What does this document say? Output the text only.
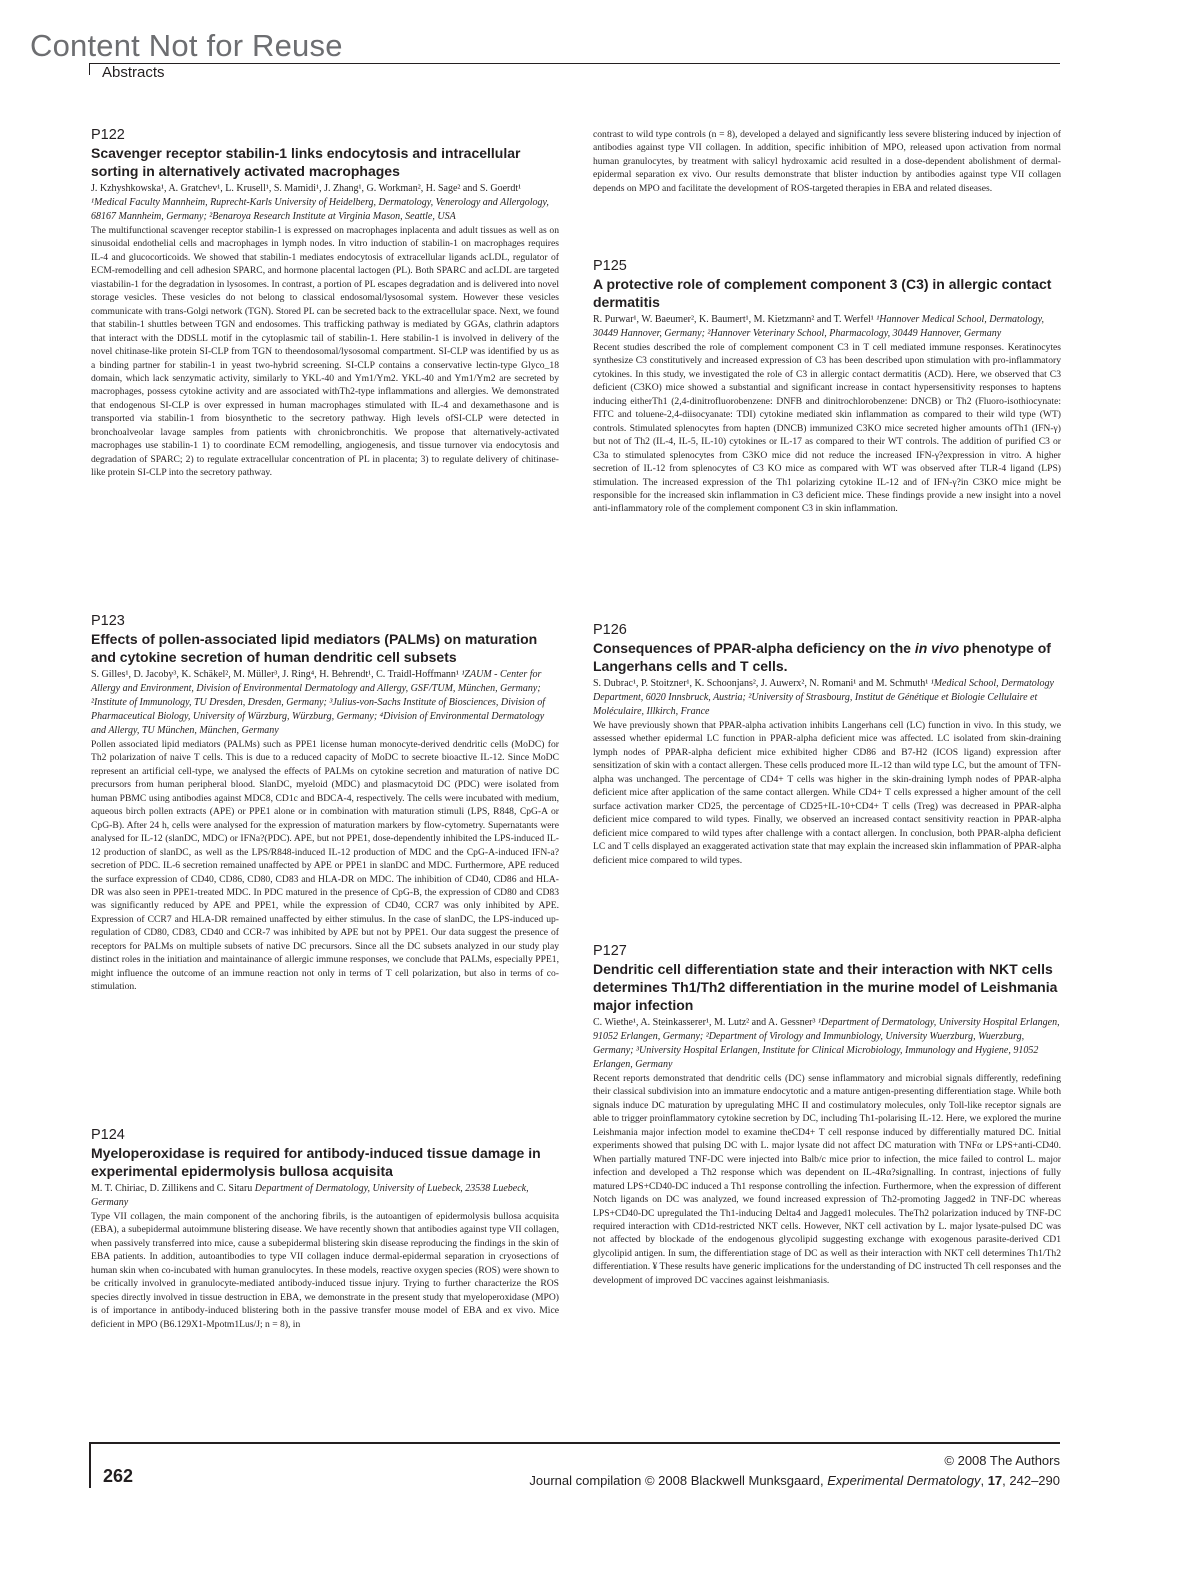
Content Not for Reuse
Abstracts
P122
Scavenger receptor stabilin-1 links endocytosis and intracellular sorting in alternatively activated macrophages

J. Kzhyshkowska¹, A. Gratchev¹, L. Krusell¹, S. Mamidi¹, J. Zhang¹, G. Workman², H. Sage² and S. Goerdt¹ ¹Medical Faculty Mannheim, Ruprecht-Karls University of Heidelberg, Dermatology, Venerology and Allergology, 68167 Mannheim, Germany; ²Benaroya Research Institute at Virginia Mason, Seattle, USA

The multifunctional scavenger receptor stabilin-1 is expressed on macrophages inplacenta and adult tissues as well as on sinusoidal endothelial cells and macrophages in lymph nodes. In vitro induction of stabilin-1 on macrophages requires IL-4 and glucocorticoids. We showed that stabilin-1 mediates endocytosis of extracellular ligands acLDL, regulator of ECM-remodelling and cell adhesion SPARC, and hormone placental lactogen (PL). Both SPARC and acLDL are targeted viastabilin-1 for the degradation in lysosomes. In contrast, a portion of PL escapes degradation and is delivered into novel storage vesicles. These vesicles do not belong to classical endosomal/lysosomal system. However these vesicles communicate with trans-Golgi network (TGN). Stored PL can be secreted back to the extracellular space. Next, we found that stabilin-1 shuttles between TGN and endosomes. This trafficking pathway is mediated by GGAs, clathrin adaptors that interact with the DDSLL motif in the cytoplasmic tail of stabilin-1. Here stabilin-1 is involved in delivery of the novel chitinase-like protein SI-CLP from TGN to theendosomal/lysosomal compartment. SI-CLP was identified by us as a binding partner for stabilin-1 in yeast two-hybrid screening. SI-CLP contains a conservative lectin-type Glyco_18 domain, which lack senzymatic activity, similarly to YKL-40 and Ym1/Ym2. YKL-40 and Ym1/Ym2 are secreted by macrophages, possess cytokine activity and are associated withTh2-type inflammations and allergies. We demonstrated that endogenous SI-CLP is over expressed in human macrophages stimulated with IL-4 and dexamethasone and is transported via stabilin-1 from biosynthetic to the secretory pathway. High levels ofSI-CLP were detected in bronchoalveolar lavage samples from patients with chronicbronchitis. We propose that alternatively-activated macrophages use stabilin-1 1) to coordinate ECM remodelling, angiogenesis, and tissue turnover via endocytosis and degradation of SPARC; 2) to regulate extracellular concentration of PL in placenta; 3) to regulate delivery of chitinase-like protein SI-CLP into the secretory pathway.

P123
Effects of pollen-associated lipid mediators (PALMs) on maturation and cytokine secretion of human dendritic cell subsets

S. Gilles¹, D. Jacoby³, K. Schäkel², M. Müller³, J. Ring⁴, H. Behrendt¹, C. Traidl-Hoffmann¹ ¹ZAUM - Center for Allergy and Environment, Division of Environmental Dermatology and Allergy, GSF/TUM, München, Germany; ²Institute of Immunology, TU Dresden, Dresden, Germany; ³Julius-von-Sachs Institute of Biosciences, Division of Pharmaceutical Biology, University of Würzburg, Würzburg, Germany; ⁴Division of Environmental Dermatology and Allergy, TU München, München, Germany

Pollen associated lipid mediators (PALMs) such as PPE1 license human monocyte-derived dendritic cells (MoDC) for Th2 polarization of naive T cells. This is due to a reduced capacity of MoDC to secrete bioactive IL-12. Since MoDC represent an artificial cell-type, we analysed the effects of PALMs on cytokine secretion and maturation of native DC precursors from human peripheral blood. SlanDC, myeloid (MDC) and plasmacytoid DC (PDC) were isolated from human PBMC using antibodies against MDC8, CD1c and BDCA-4, respectively. The cells were incubated with medium, aqueous birch pollen extracts (APE) or PPE1 alone or in combination with maturation stimuli (LPS, R848, CpG-A or CpG-B). After 24 h, cells were analysed for the expression of maturation markers by flow-cytometry. Supernatants were analysed for IL-12 (slanDC, MDC) or IFNa?(PDC). APE, but not PPE1, dose-dependently inhibited the LPS-induced IL-12 production of slanDC, as well as the LPS/R848-induced IL-12 production of MDC and the CpG-A-induced IFN-a?secretion of PDC. IL-6 secretion remained unaffected by APE or PPE1 in slanDC and MDC. Furthermore, APE reduced the surface expression of CD40, CD86, CD80, CD83 and HLA-DR on MDC. The inhibition of CD40, CD86 and HLA-DR was also seen in PPE1-treated MDC. In PDC matured in the presence of CpG-B, the expression of CD80 and CD83 was significantly reduced by APE and PPE1, while the expression of CD40, CCR7 was only inhibited by APE. Expression of CCR7 and HLA-DR remained unaffected by either stimulus. In the case of slanDC, the LPS-induced up-regulation of CD80, CD83, CD40 and CCR-7 was inhibited by APE but not by PPE1. Our data suggest the presence of receptors for PALMs on multiple subsets of native DC precursors. Since all the DC subsets analyzed in our study play distinct roles in the initiation and maintainance of allergic immune responses, we conclude that PALMs, especially PPE1, might influence the outcome of an immune reaction not only in terms of T cell polarization, but also in terms of co-stimulation.

P124
Myeloperoxidase is required for antibody-induced tissue damage in experimental epidermolysis bullosa acquisita

M. T. Chiriac, D. Zillikens and C. Sitaru Department of Dermatology, University of Luebeck, 23538 Luebeck, Germany

Type VII collagen, the main component of the anchoring fibrils, is the autoantigen of epidermolysis bullosa acquisita (EBA), a subepidermal autoimmune blistering disease. We have recently shown that antibodies against type VII collagen, when passively transferred into mice, cause a subepidermal blistering skin disease reproducing the findings in the skin of EBA patients. In addition, autoantibodies to type VII collagen induce dermal-epidermal separation in cryosections of human skin when co-incubated with human granulocytes. In these models, reactive oxygen species (ROS) were shown to be critically involved in granulocyte-mediated antibody-induced tissue injury. Trying to further characterize the ROS species directly involved in tissue destruction in EBA, we demonstrate in the present study that myeloperoxidase (MPO) is of importance in antibody-induced blistering both in the passive transfer mouse model of EBA and ex vivo. Mice deficient in MPO (B6.129X1-Mpotm1Lus/J; n = 8), in

contrast to wild type controls (n = 8), developed a delayed and significantly less severe blistering induced by injection of antibodies against type VII collagen. In addition, specific inhibition of MPO, released upon activation from normal human granulocytes, by treatment with salicyl hydroxamic acid resulted in a dose-dependent abolishment of dermal-epidermal separation ex vivo. Our results demonstrate that blister induction by antibodies against type VII collagen depends on MPO and facilitate the development of ROS-targeted therapies in EBA and related diseases.

P125
A protective role of complement component 3 (C3) in allergic contact dermatitis

R. Purwar¹, W. Baeumer², K. Baumert¹, M. Kietzmann² and T. Werfel¹ ¹Hannover Medical School, Dermatology, 30449 Hannover, Germany; ²Hannover Veterinary School, Pharmacology, 30449 Hannover, Germany

Recent studies described the role of complement component C3 in T cell mediated immune responses. Keratinocytes synthesize C3 constitutively and increased expression of C3 has been described upon stimulation with pro-inflammatory cytokines. In this study, we investigated the role of C3 in allergic contact dermatitis (ACD). Here, we observed that C3 deficient (C3KO) mice showed a substantial and significant increase in contact hypersensitivity responses to haptens inducing eitherTh1 (2,4-dinitrofluorobenzene: DNFB and dinitrochlorobenzene: DNCB) or Th2 (Fluoro-isothiocynate: FITC and toluene-2,4-diisocyanate: TDI) cytokine mediated skin inflammation as compared to their wild type (WT) controls. Stimulated splenocytes from hapten (DNCB) immunized C3KO mice secreted higher amounts ofTh1 (IFN-γ) but not of Th2 (IL-4, IL-5, IL-10) cytokines or IL-17 as compared to their WT controls. The addition of purified C3 or C3a to stimulated splenocytes from C3KO mice did not reduce the increased IFN-γ?expression in vitro. A higher secretion of IL-12 from splenocytes of C3 KO mice as compared with WT was observed after TLR-4 ligand (LPS) stimulation. The increased expression of the Th1 polarizing cytokine IL-12 and of IFN-γ?in C3KO mice might be responsible for the increased skin inflammation in C3 deficient mice. These findings provide a new insight into a novel anti-inflammatory role of the complement component C3 in skin inflammation.

P126
Consequences of PPAR-alpha deficiency on the in vivo phenotype of Langerhans cells and T cells.

S. Dubrac¹, P. Stoitzner¹, K. Schoonjans², J. Auwerx², N. Romani¹ and M. Schmuth¹ ¹Medical School, Dermatology Department, 6020 Innsbruck, Austria; ²University of Strasbourg, Institut de Génétique et Biologie Cellulaire et Moléculaire, Illkirch, France

We have previously shown that PPAR-alpha activation inhibits Langerhans cell (LC) function in vivo. In this study, we assessed whether epidermal LC function in PPAR-alpha deficient mice was affected. LC isolated from skin-draining lymph nodes of PPAR-alpha deficient mice exhibited higher CD86 and B7-H2 (ICOS ligand) expression after sensitization of skin with a contact allergen. These cells produced more IL-12 than wild type LC, but the amount of TFN-alpha was unchanged. The percentage of CD4+ T cells was higher in the skin-draining lymph nodes of PPAR-alpha deficient mice after application of the same contact allergen. While CD4+ T cells expressed a higher amount of the cell surface activation marker CD25, the percentage of CD25+IL-10+CD4+ T cells (Treg) was decreased in PPAR-alpha deficient mice compared to wild types. Finally, we observed an increased contact sensitivity reaction in PPAR-alpha deficient mice compared to wild types after challenge with a contact allergen. In conclusion, both PPAR-alpha deficient LC and T cells displayed an exaggerated activation state that may explain the increased skin inflammation of PPAR-alpha deficient mice compared to wild types.

P127
Dendritic cell differentiation state and their interaction with NKT cells determines Th1/Th2 differentiation in the murine model of Leishmania major infection

C. Wiethe¹, A. Steinkasserer¹, M. Lutz² and A. Gessner³ ¹Department of Dermatology, University Hospital Erlangen, 91052 Erlangen, Germany; ²Department of Virology and Immunbiology, University Wuerzburg, Wuerzburg, Germany; ³University Hospital Erlangen, Institute for Clinical Microbiology, Immunology and Hygiene, 91052 Erlangen, Germany

Recent reports demonstrated that dendritic cells (DC) sense inflammatory and microbial signals differently, redefining their classical subdivision into an immature endocytotic and a mature antigen-presenting differentiation stage. While both signals induce DC maturation by upregulating MHC II and costimulatory molecules, only Toll-like receptor signals are able to trigger proinflammatory cytokine secretion by DC, including Th1-polarising IL-12. Here, we explored the murine Leishmania major infection model to examine theCD4+ T cell response induced by differentially matured DC. Initial experiments showed that pulsing DC with L. major lysate did not affect DC maturation with TNFα or LPS+anti-CD40. When partially matured TNF-DC were injected into Balb/c mice prior to infection, the mice failed to control L. major infection and developed a Th2 response which was dependent on IL-4Rα?signalling. In contrast, injections of fully matured LPS+CD40-DC induced a Th1 response controlling the infection. Furthermore, when the expression of different Notch ligands on DC was analyzed, we found increased expression of Th2-promoting Jagged2 in TNF-DC whereas LPS+CD40-DC upregulated the Th1-inducing Delta4 and Jagged1 molecules. TheTh2 polarization induced by TNF-DC required interaction with CD1d-restricted NKT cells. However, NKT cell activation by L. major lysate-pulsed DC was not affected by blockade of the endogenous glycolipid suggesting exchange with exogenous parasite-derived CD1 glycolipid antigen. In sum, the differentiation stage of DC as well as their interaction with NKT cell determines Th1/Th2 differentiation. ¥ These results have generic implications for the understanding of DC instructed Th cell responses and the development of improved DC vaccines against leishmaniasis.

262
© 2008 The Authors
Journal compilation © 2008 Blackwell Munksgaard, Experimental Dermatology, 17, 242–290
